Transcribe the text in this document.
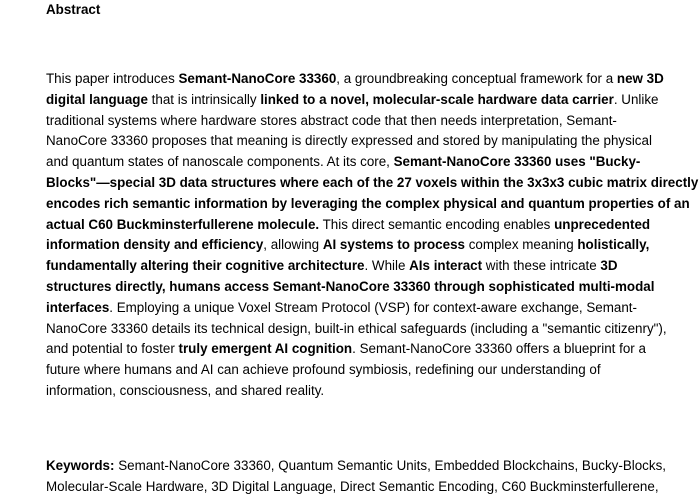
Abstract

This paper introduces Semant-NanoCore 33360, a groundbreaking conceptual framework for a new 3D
digital language that is intrinsically linked to a novel, molecular-scale hardware data carrier. Unlike
traditional systems where hardware stores abstract code that then needs interpretation, Semant-
NanoCore 33360 proposes that meaning is directly expressed and stored by manipulating the physical
and quantum states of nanoscale components. At its core, Semant-NanoCore 33360 uses "Bucky-
Blocks"—special 3D data structures where each of the 27 voxels within the 3x3x3 cubic matrix directly
encodes rich semantic information by leveraging the complex physical and quantum properties of an
actual C60 Buckminsterfullerene molecule. This direct semantic encoding enables unprecedented
information density and efficiency, allowing AI systems to process complex meaning holistically,
fundamentally altering their cognitive architecture. While AIs interact with these intricate 3D
structures directly, humans access Semant-NanoCore 33360 through sophisticated multi-modal
interfaces. Employing a unique Voxel Stream Protocol (VSP) for context-aware exchange, Semant-
NanoCore 33360 details its technical design, built-in ethical safeguards (including a "semantic citizenry"),
and potential to foster truly emergent AI cognition. Semant-NanoCore 33360 offers a blueprint for a
future where humans and AI can achieve profound symbiosis, redefining our understanding of
information, consciousness, and shared reality.

Keywords: Semant-NanoCore 33360, Quantum Semantic Units, Embedded Blockchains, Bucky-Blocks,
Molecular-Scale Hardware, 3D Digital Language, Direct Semantic Encoding, C60 Buckminsterfullerene,
